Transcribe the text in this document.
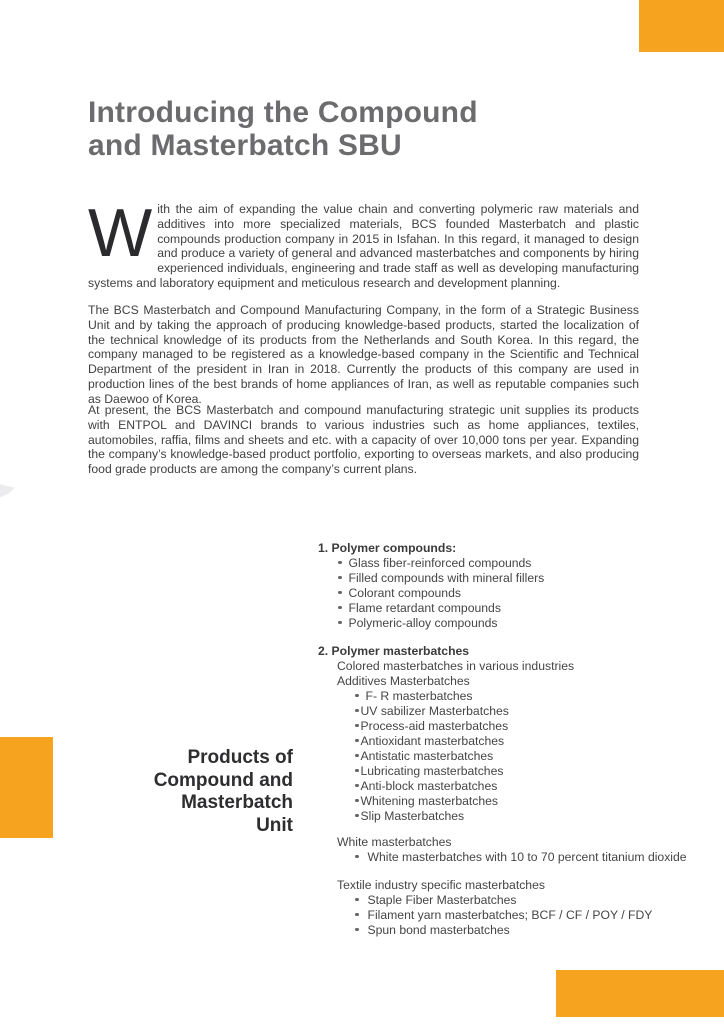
Introducing the Compound
and Masterbatch SBU

With the aim of expanding the value chain and converting polymeric raw materials and additives into more specialized materials, BCS founded Masterbatch and plastic compounds production company in 2015 in Isfahan. In this regard, it managed to design and produce a variety of general and advanced masterbatches and components by hiring experienced individuals, engineering and trade staff as well as developing manufacturing systems and laboratory equipment and meticulous research and development planning.

The BCS Masterbatch and Compound Manufacturing Company, in the form of a Strategic Business Unit and by taking the approach of producing knowledge-based products, started the localization of the technical knowledge of its products from the Netherlands and South Korea. In this regard, the company managed to be registered as a knowledge-based company in the Scientific and Technical Department of the president in Iran in 2018. Currently the products of this company are used in production lines of the best brands of home appliances of Iran, as well as reputable companies such as Daewoo of Korea.

At present, the BCS Masterbatch and compound manufacturing strategic unit supplies its products with ENTPOL and DAVINCI brands to various industries such as home appliances, textiles, automobiles, raffia, films and sheets and etc. with a capacity of over 10,000 tons per year. Expanding the company’s knowledge-based product portfolio, exporting to overseas markets, and also producing food grade products are among the company’s current plans.

Products of
Compound and
Masterbatch
Unit
1. Polymer compounds:
Glass fiber-reinforced compounds
Filled compounds with mineral fillers
Colorant compounds
Flame retardant compounds
Polymeric-alloy compounds
2. Polymer masterbatches
Colored masterbatches in various industries
Additives Masterbatches
F- R masterbatches
UV sabilizer Masterbatches
Process-aid masterbatches
Antioxidant masterbatches
Antistatic masterbatches
Lubricating masterbatches
Anti-block masterbatches
Whitening masterbatches
Slip Masterbatches
White masterbatches
White masterbatches with 10 to 70 percent titanium dioxide
Textile industry specific masterbatches
Staple Fiber Masterbatches
Filament yarn masterbatches; BCF / CF / POY / FDY
Spun bond masterbatches
